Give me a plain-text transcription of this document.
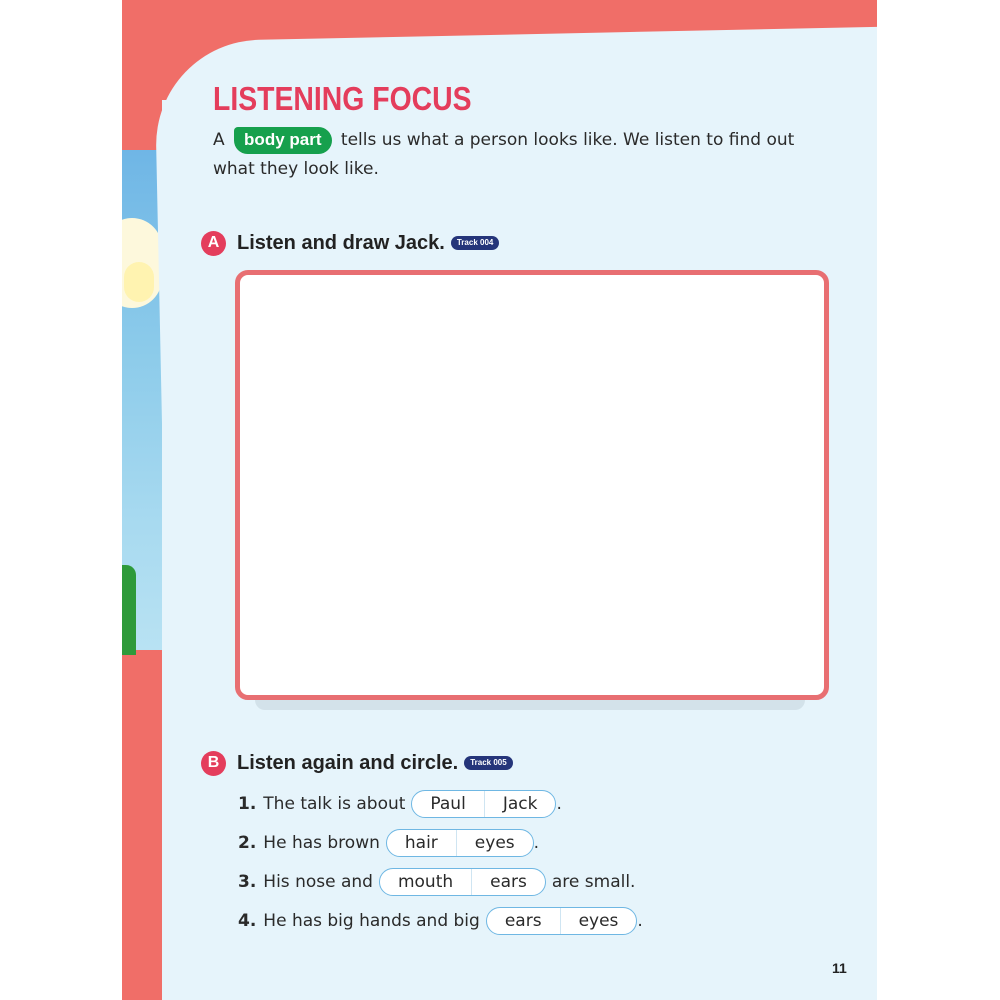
LISTENING FOCUS

A body part tells us what a person looks like. We listen to find out what they look like.

A Listen and draw Jack.	Track 004
B Listen again and circle.	Track 005
1. The talk is about	Paul	Jack	.
2. He has brown	hair	eyes	.
3. His nose and	mouth	ears	are small.
4. He has big hands and big	ears	eyes	.
11
